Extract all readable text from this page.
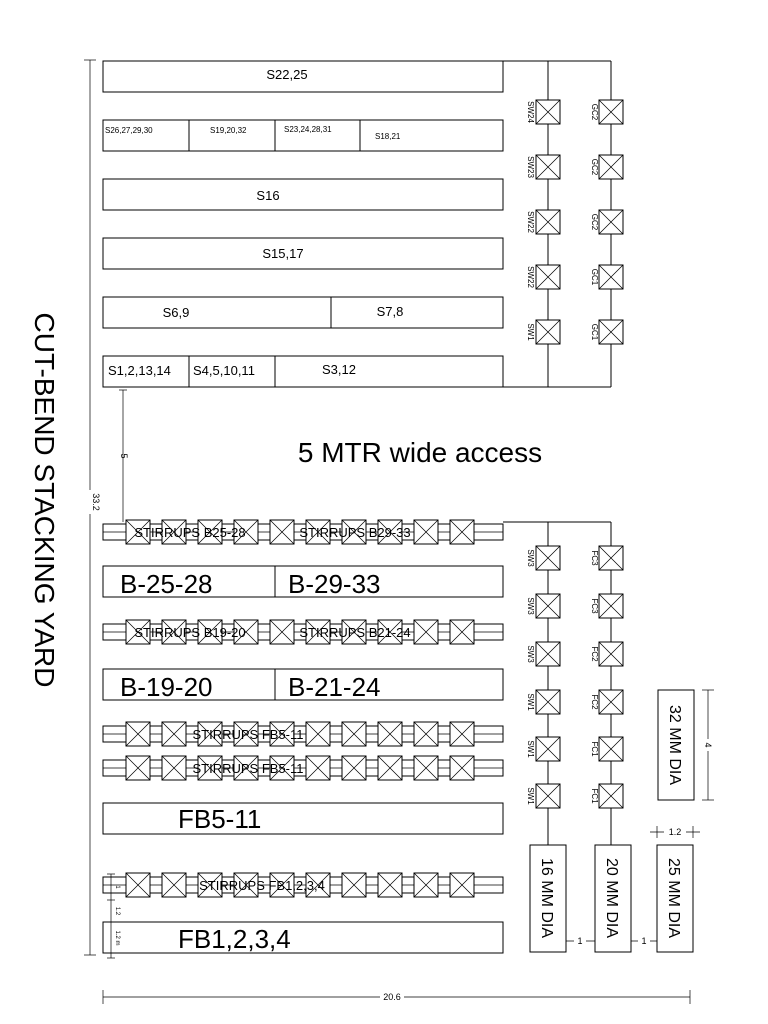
CUT-BEND STACKING YARD	33.2
S22,25
S26,27,29,30	S19,20,32	S23,24,28,31
S18,21
S16
S15,17
S6,9	S7,8
S1,2,13,14 S4,5,10,11	S3,12
SW24	GC2
SW23	GC2
SW22	GC2
SW22	GC1
SW1	GC1
5	5 MTR wide access
STIRRUPS B25-28	STIRRUPS B29-33
STIRRUPS B19-20	STIRRUPS B21-24
STIRRUPS FB5-11
STIRRUPS FB5-11
STIRRUPS FB1,2,3,4
B-25-28	B-29-33
B-19-20	B-21-24
FB5-11
FB1,2,3,4
SW3	FC3
SW3	FC3
SW3	FC2
SW1	FC2
SW1	FC1
SW1	FC1
1
1.2
1.2 m	16 MM DIA	20 MM DIA	25 MM DIA
32 MM DIA
1	1
1.2
4
20.6
